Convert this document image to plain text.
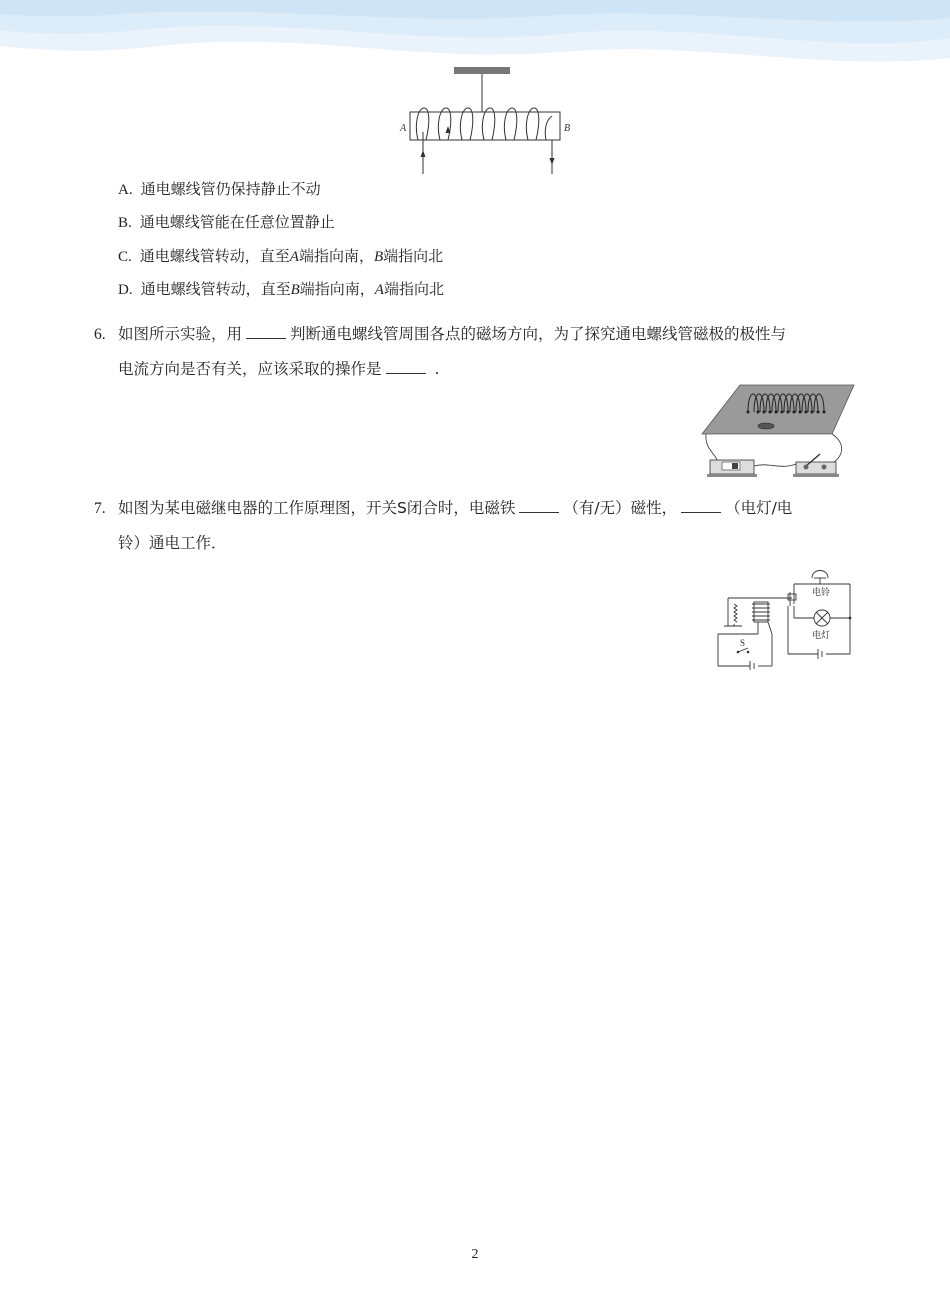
A	B
A. 通电螺线管仍保持静止不动
B. 通电螺线管能在任意位置静止
C. 通电螺线管转动，直至A端指向南，B端指向北
D. 通电螺线管转动，直至B端指向南，A端指向北
6. 如图所示实验，用	判断通电螺线管周围各点的磁场方向，为了探究通电螺线管磁极的极性与
电流方向是否有关，应该采取的操作是	.
7. 如图为某电磁继电器的工作原理图，开关S闭合时，电磁铁	（有/无）磁性，	（电灯/电
铃）通电工作．
电铃
电灯
S
2
